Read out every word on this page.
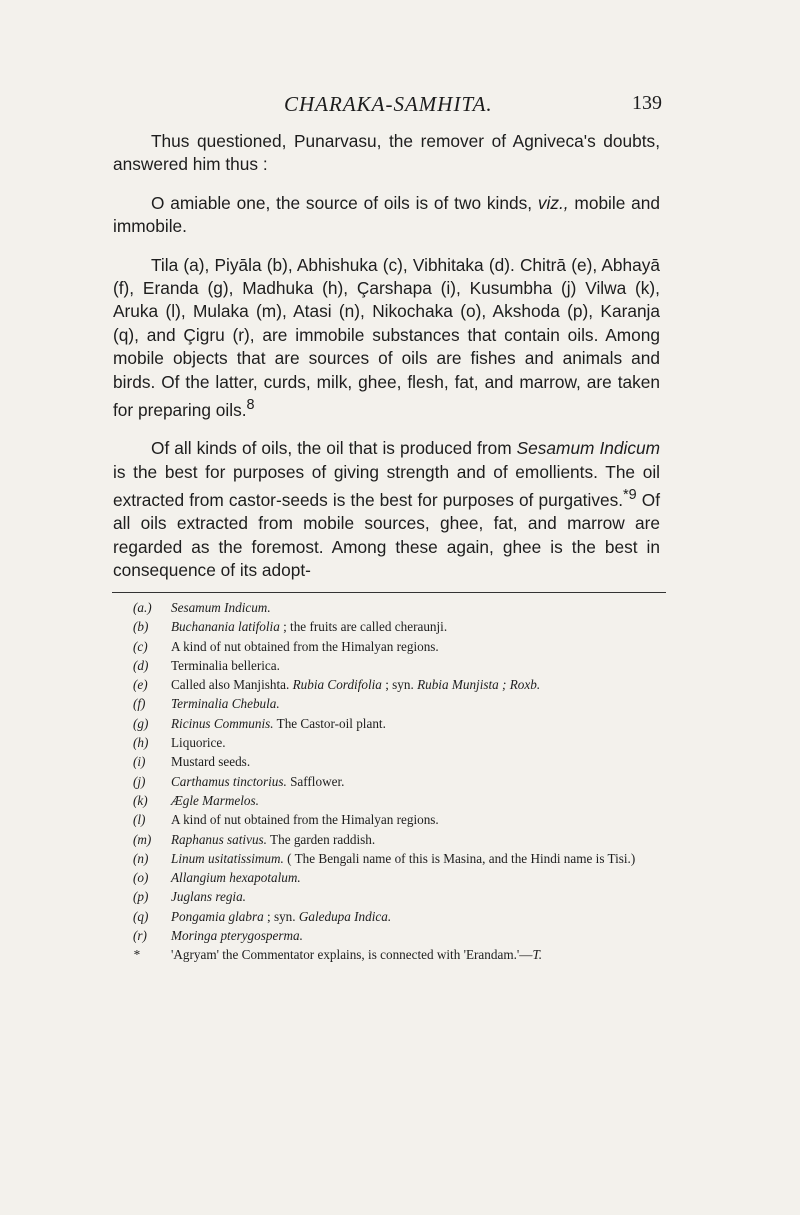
CHARAKA-SAMHITA.	139

Thus questioned, Punarvasu, the remover of Agniveca's doubts, answered him thus :

O amiable one, the source of oils is of two kinds, viz., mobile and immobile.

Tila (a), Piyāla (b), Abhishuka (c), Vibhitaka (d). Chitrā (e), Abhayā (f), Eranda (g), Madhuka (h), Çarshapa (i), Kusumbha (j) Vilwa (k), Aruka (l), Mulaka (m), Atasi (n), Nikochaka (o), Akshoda (p), Karanja (q), and Çigru (r), are immobile substances that contain oils. Among mobile objects that are sources of oils are fishes and animals and birds. Of the latter, curds, milk, ghee, flesh, fat, and marrow, are taken for preparing oils.$^8$

Of all kinds of oils, the oil that is produced from Sesamum Indicum is the best for purposes of giving strength and of emollients. The oil extracted from castor-seeds is the best for purposes of purgatives.$^{*9}$ Of all oils extracted from mobile sources, ghee, fat, and marrow are regarded as the foremost. Among these again, ghee is the best in consequence of its adopt-

(a.) Sesamum Indicum.
(b) Buchanania latifolia ; the fruits are called cheraunji.
(c) A kind of nut obtained from the Himalyan regions.
(d) Terminalia bellerica.
(e) Called also Manjishta. Rubia Cordifolia ; syn. Rubia Munjista ; Roxb.
(f) Terminalia Chebula.
(g) Ricinus Communis. The Castor-oil plant.
(h) Liquorice.
(i) Mustard seeds.
(j) Carthamus tinctorius. Safflower.
(k) Ægle Marmelos.
(l) A kind of nut obtained from the Himalyan regions.
(m) Raphanus sativus. The garden raddish.
(n) Linum usitatissimum. ( The Bengali name of this is Masina, and the Hindi name is Tisi.)
(o) Allangium hexapotalum.
(p) Juglans regia.
(q) Pongamia glabra ; syn. Galedupa Indica.
(r) Moringa pterygosperma.
* 'Agryam' the Commentator explains, is connected with 'Erandam.'—T.
